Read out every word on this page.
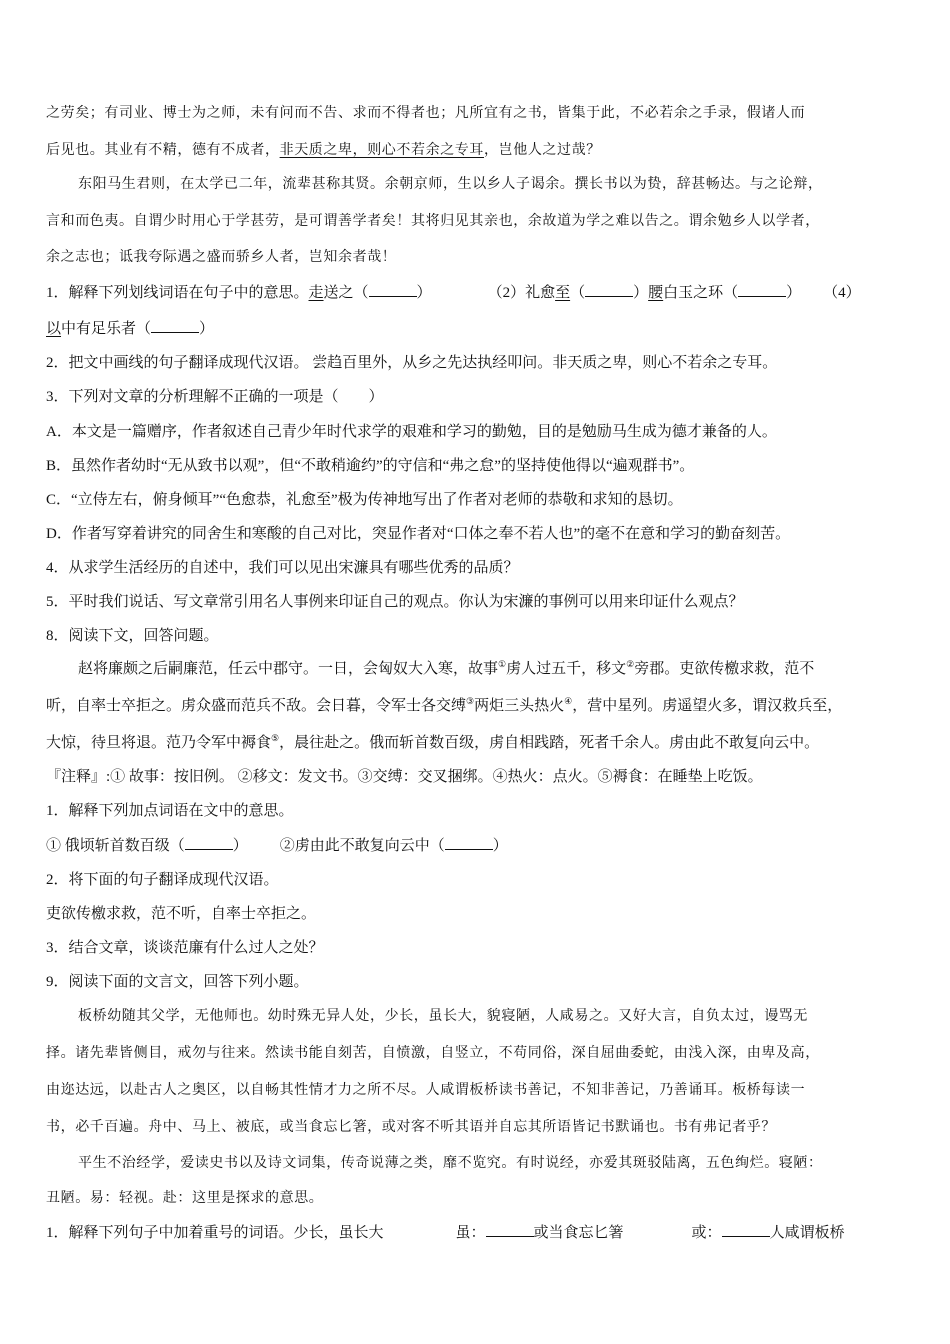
之劳矣；有司业、博士为之师，未有问而不告、求而不得者也；凡所宜有之书，皆集于此，不必若余之手录，假诸人而
后见也。其业有不精，德有不成者，非天质之卑，则心不若余之专耳，岂他人之过哉？
东阳马生君则，在太学已二年，流辈甚称其贤。余朝京师，生以乡人子谒余。撰长书以为贽，辞甚畅达。与之论辩，
言和而色夷。自谓少时用心于学甚劳，是可谓善学者矣！其将归见其亲也，余故道为学之难以告之。谓余勉乡人以学者，
余之志也；诋我夸际遇之盛而骄乡人者，岂知余者哉！
1．解释下列划线词语在句子中的意思。走送之（	）	（2）礼愈至（	）腰白玉之环（	） （4）
以中有足乐者（	）
2．把文中画线的句子翻译成现代汉语。 尝趋百里外，从乡之先达执经叩问。非天质之卑，则心不若余之专耳。
3．下列对文章的分析理解不正确的一项是（　　）
A．本文是一篇赠序，作者叙述自己青少年时代求学的艰难和学习的勤勉，目的是勉励马生成为德才兼备的人。
B．虽然作者幼时“无从致书以观”，但“不敢稍逾约”的守信和“弗之怠”的坚持使他得以“遍观群书”。
C．“立侍左右，俯身倾耳”“色愈恭，礼愈至”极为传神地写出了作者对老师的恭敬和求知的恳切。
D．作者写穿着讲究的同舍生和寒酸的自己对比，突显作者对“口体之奉不若人也”的毫不在意和学习的勤奋刻苦。
4．从求学生活经历的自述中，我们可以见出宋濂具有哪些优秀的品质？
5．平时我们说话、写文章常引用名人事例来印证自己的观点。你认为宋濂的事例可以用来印证什么观点？
8．阅读下文，回答问题。
赵将廉颇之后嗣廉范，任云中郡守。一日，会匈奴大入寒，故事①虏人过五千，移文②旁郡。吏欲传檄求救，范不
听，自率士卒拒之。虏众盛而范兵不敌。会日暮，令军士各交缚③两炬三头热火④，营中星列。虏遥望火多，谓汉救兵至，
大惊，待旦将退。范乃令军中褥食⑤，晨往赴之。俄而斩首数百级，虏自相践踏，死者千余人。虏由此不敢复向云中。
『注释』:① 故事：按旧例。 ②移文：发文书。③交缚：交叉捆绑。④热火：点火。⑤褥食：在睡垫上吃饭。
1．解释下列加点词语在文中的意思。
① 俄顷斩首数百级（	） ②虏由此不敢复向云中（	）
2．将下面的句子翻译成现代汉语。
吏欲传檄求救，范不听，自率士卒拒之。
3．结合文章，谈谈范廉有什么过人之处？
9．阅读下面的文言文，回答下列小题。
板桥幼随其父学，无他师也。幼时殊无异人处，少长，虽长大，貌寝陋，人咸易之。又好大言，自负太过，谩骂无
择。诸先辈皆侧目，戒勿与往来。然读书能自刻苦，自愤激，自竖立，不苟同俗，深自屈曲委蛇，由浅入深，由卑及高，
由迩达远，以赴古人之奥区，以自畅其性情才力之所不尽。人咸谓板桥读书善记，不知非善记，乃善诵耳。板桥每读一
书，必千百遍。舟中、马上、被底，或当食忘匕箸，或对客不听其语并自忘其所语皆记书默诵也。书有弗记者乎？
平生不治经学，爱读史书以及诗文词集，传奇说薄之类，靡不览究。有时说经，亦爱其斑驳陆离，五色绚烂。寝陋：
丑陋。易：轻视。赴：这里是探求的意思。
1．解释下列句子中加着重号的词语。少长，虽长大	虽：	或当食忘匕箸	或：	人咸谓板桥
